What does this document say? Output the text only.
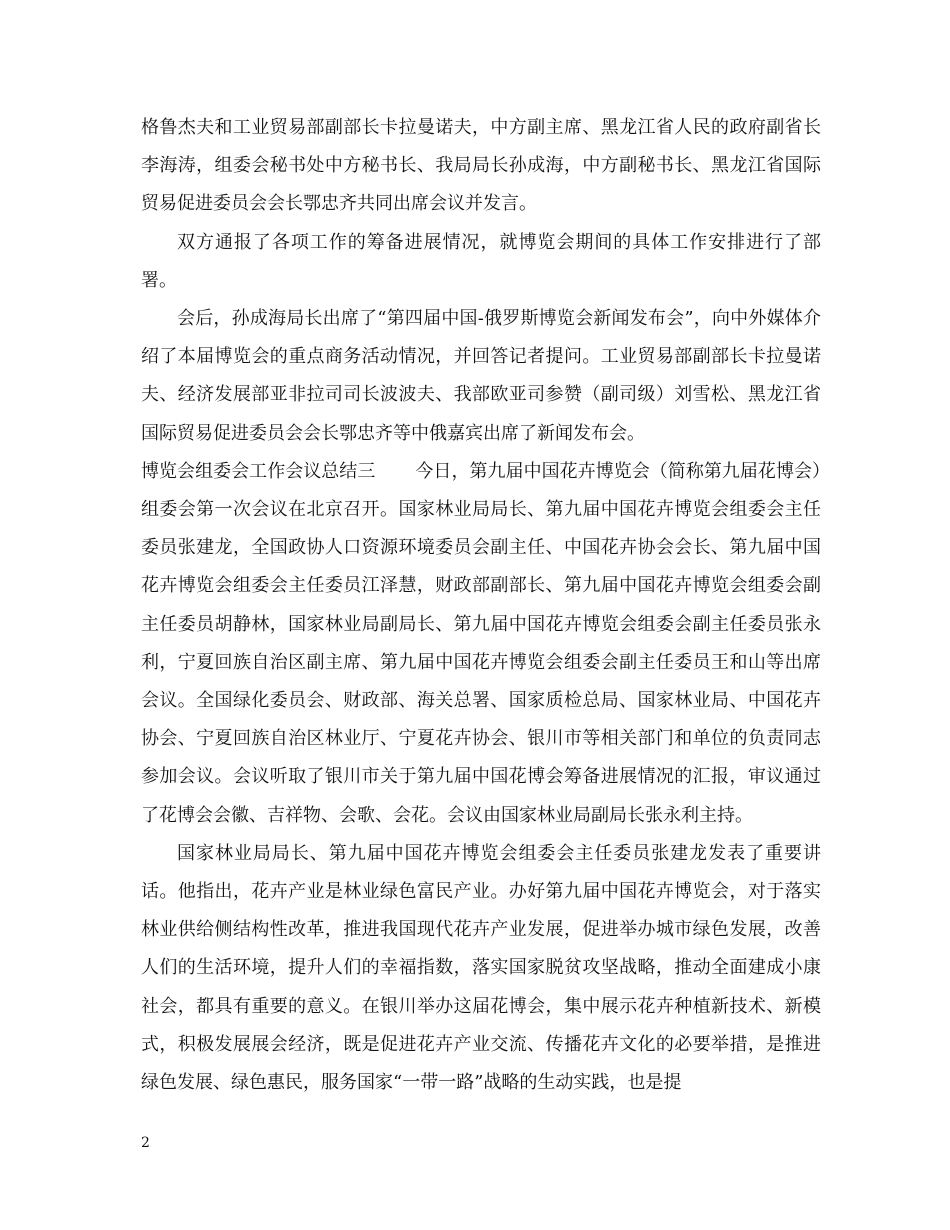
格鲁杰夫和工业贸易部副部长卡拉曼诺夫，中方副主席、黑龙江省人民的政府副省长李海涛，组委会秘书处中方秘书长、我局局长孙成海，中方副秘书长、黑龙江省国际贸易促进委员会会长鄂忠齐共同出席会议并发言。

双方通报了各项工作的筹备进展情况，就博览会期间的具体工作安排进行了部署。

会后，孙成海局长出席了“第四届中国-俄罗斯博览会新闻发布会”，向中外媒体介绍了本届博览会的重点商务活动情况，并回答记者提问。工业贸易部副部长卡拉曼诺夫、经济发展部亚非拉司司长波波夫、我部欧亚司参赞（副司级）刘雪松、黑龙江省国际贸易促进委员会会长鄂忠齐等中俄嘉宾出席了新闻发布会。

博览会组委会工作会议总结三 今日，第九届中国花卉博览会（简称第九届花博会）组委会第一次会议在北京召开。国家林业局局长、第九届中国花卉博览会组委会主任委员张建龙，全国政协人口资源环境委员会副主任、中国花卉协会会长、第九届中国花卉博览会组委会主任委员江泽慧，财政部副部长、第九届中国花卉博览会组委会副主任委员胡静林，国家林业局副局长、第九届中国花卉博览会组委会副主任委员张永利，宁夏回族自治区副主席、第九届中国花卉博览会组委会副主任委员王和山等出席会议。全国绿化委员会、财政部、海关总署、国家质检总局、国家林业局、中国花卉协会、宁夏回族自治区林业厅、宁夏花卉协会、银川市等相关部门和单位的负责同志参加会议。会议听取了银川市关于第九届中国花博会筹备进展情况的汇报，审议通过了花博会会徽、吉祥物、会歌、会花。会议由国家林业局副局长张永利主持。

国家林业局局长、第九届中国花卉博览会组委会主任委员张建龙发表了重要讲话。他指出，花卉产业是林业绿色富民产业。办好第九届中国花卉博览会，对于落实林业供给侧结构性改革，推进我国现代花卉产业发展，促进举办城市绿色发展，改善人们的生活环境，提升人们的幸福指数，落实国家脱贫攻坚战略，推动全面建成小康社会，都具有重要的意义。在银川举办这届花博会，集中展示花卉种植新技术、新模式，积极发展展会经济，既是促进花卉产业交流、传播花卉文化的必要举措，是推进绿色发展、绿色惠民，服务国家“一带一路”战略的生动实践，也是提

2
